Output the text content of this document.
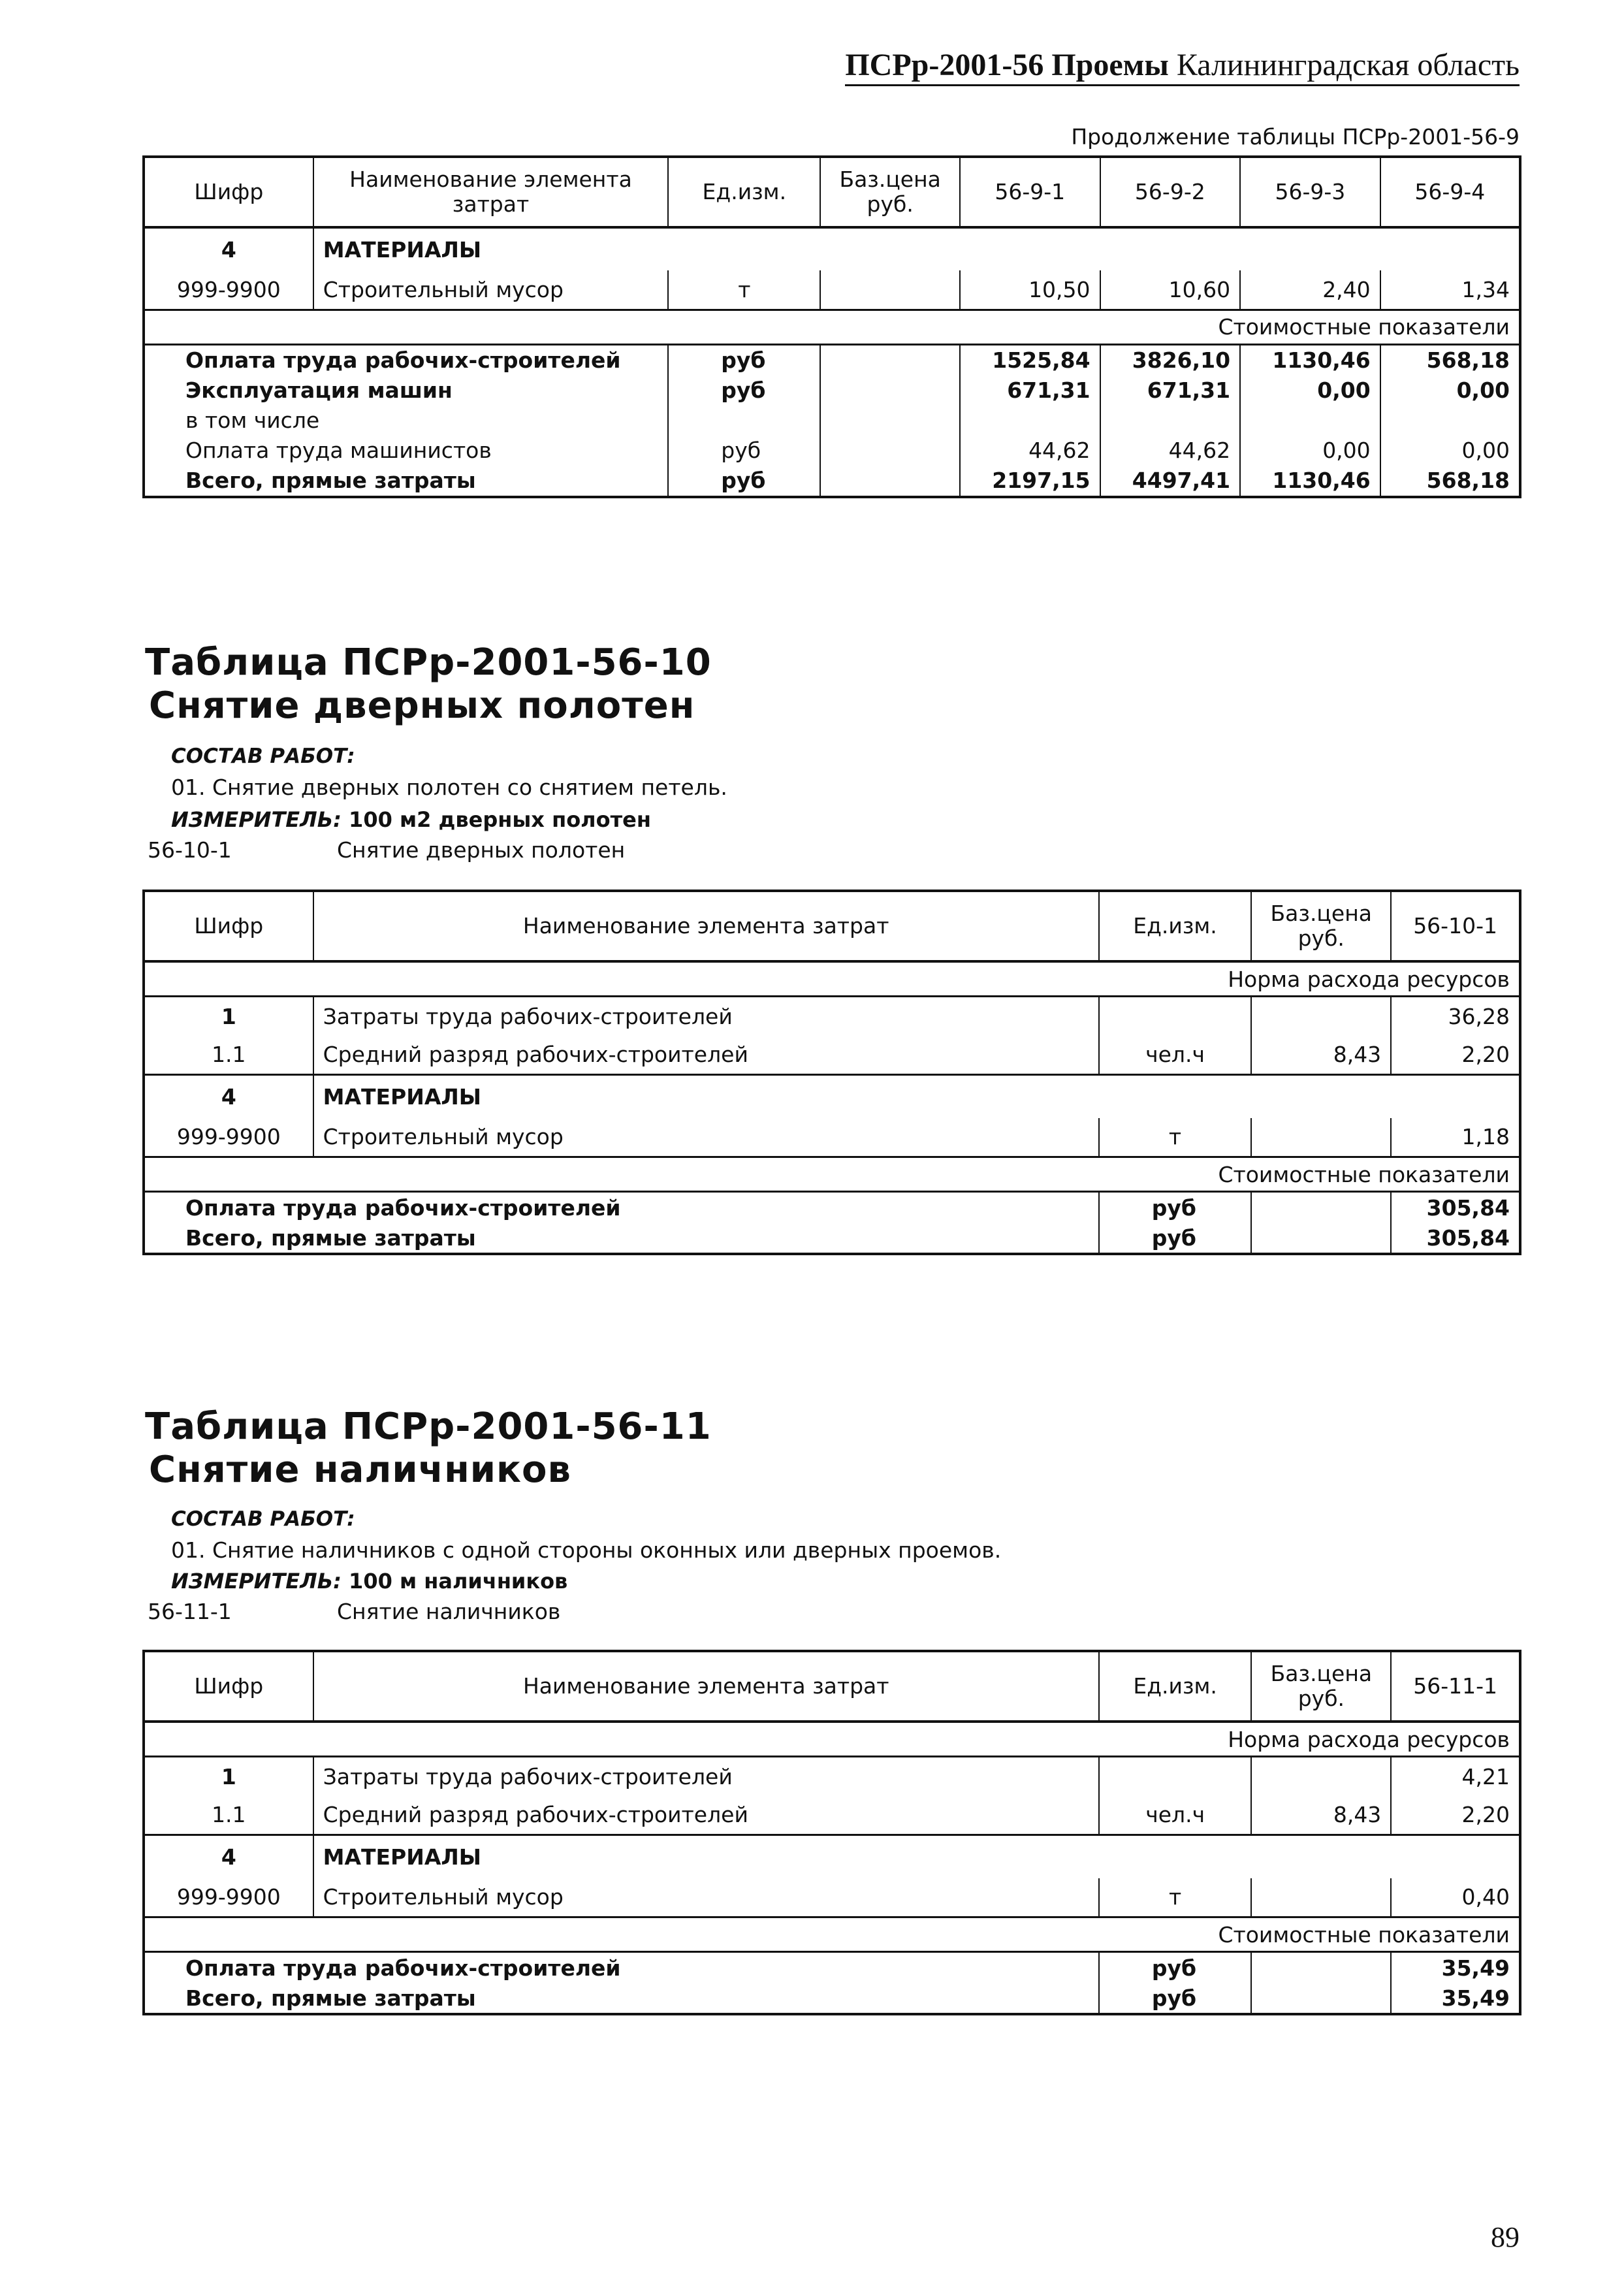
ПСРр-2001-56 Проемы Калининградская область
Продолжение таблицы ПСРр-2001-56-9
Шифр	Наименование элемента затрат	Ед.изм.	Баз.цена руб.	56-9-1	56-9-2	56-9-3	56-9-4
4	МАТЕРИАЛЫ						
999-9900	Строительный мусор	т		10,50	10,60	2,40	1,34
Стоимостные показатели							
Оплата труда рабочих-строителей		руб		1525,84	3826,10	1130,46	568,18
Эксплуатация машин		руб		671,31	671,31	0,00	0,00
в том числе							
Оплата труда машинистов		руб		44,62	44,62	0,00	0,00
Всего, прямые затраты		руб		2197,15	4497,41	1130,46	568,18
Таблица ПСРр-2001-56-10
Снятие дверных полотен
СОСТАВ РАБОТ:
01. Снятие дверных полотен со снятием петель.
ИЗМЕРИТЕЛЬ: 100 м2 дверных полотен
56-10-1	Снятие дверных полотен
Шифр	Наименование элемента затрат	Ед.изм.	Баз.цена руб.	56-10-1
Норма расхода ресурсов				
1	Затраты труда рабочих-строителей			36,28
1.1	Средний разряд рабочих-строителей	чел.ч	8,43	2,20
4	МАТЕРИАЛЫ			
999-9900	Строительный мусор	т		1,18
Стоимостные показатели				
Оплата труда рабочих-строителей		руб		305,84
Всего, прямые затраты		руб		305,84
Таблица ПСРр-2001-56-11
Снятие наличников
СОСТАВ РАБОТ:
01. Снятие наличников с одной стороны оконных или дверных проемов.
ИЗМЕРИТЕЛЬ: 100 м наличников
56-11-1	Снятие наличников
Шифр	Наименование элемента затрат	Ед.изм.	Баз.цена руб.	56-11-1
Норма расхода ресурсов				
1	Затраты труда рабочих-строителей			4,21
1.1	Средний разряд рабочих-строителей	чел.ч	8,43	2,20
4	МАТЕРИАЛЫ			
999-9900	Строительный мусор	т		0,40
Стоимостные показатели				
Оплата труда рабочих-строителей		руб		35,49
Всего, прямые затраты		руб		35,49
89
